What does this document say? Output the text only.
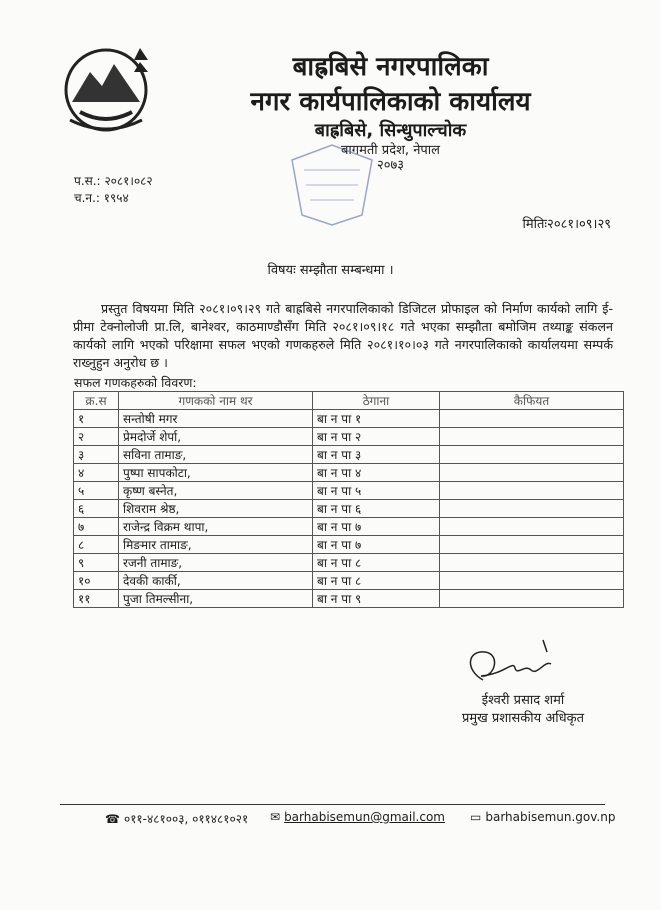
बाह्रबिसे नगरपालिका
नगर कार्यपालिकाको कार्यालय
बाह्रबिसे, सिन्धुपाल्चोक
बागमती प्रदेश, नेपाल
२०७३
प.स.: २०८१।०८२
च.न.: १९५४
मितिः२०८१।०९।२९
विषयः सम्झौता सम्बन्धमा ।
प्रस्तुत विषयमा मिति २०८१।०९।२९ गते बाह्रबिसे नगरपालिकाको डिजिटल प्रोफाइल को निर्माण कार्यको लागि ई-प्रीमा टेक्नोलोजी प्रा.लि, बानेश्वर, काठमाण्डौसँग मिति २०८१।०९।१८ गते भएका सम्झौता बमोजिम तथ्याङ्क संकलन कार्यको लागि भएको परिक्षामा सफल भएको गणकहरुले मिति २०८१।१०।०३ गते नगरपालिकाको कार्यालयमा सम्पर्क राख्नुहुन अनुरोध छ ।
सफल गणकहरुको विवरण:
क्र.स	गणकको नाम थर	ठेगाना	कैफियत
१	सन्तोषी मगर	बा न पा १	
२	प्रेमदोर्जे शेर्पा,	बा न पा २	
३	सविना तामाङ,	बा न पा ३	
४	पुष्पा सापकोटा,	बा न पा ४	
५	कृष्ण बस्नेत,	बा न पा ५	
६	शिवराम श्रेष्ठ,	बा न पा ६	
७	राजेन्द्र विक्रम थापा,	बा न पा ७	
८	मिङमार तामाङ,	बा न पा ७	
९	रजनी तामाङ,	बा न पा ८	
१०	देवकी कार्की,	बा न पा ८	
११	पुजा तिमल्सीना,	बा न पा ९	
ईश्वरी प्रसाद शर्मा
प्रमुख प्रशासकीय अधिकृत
☎ ०११-४८१००३, ०११४८१०२१ ✉ barhabisemun@gmail.com ▭ barhabisemun.gov.np
